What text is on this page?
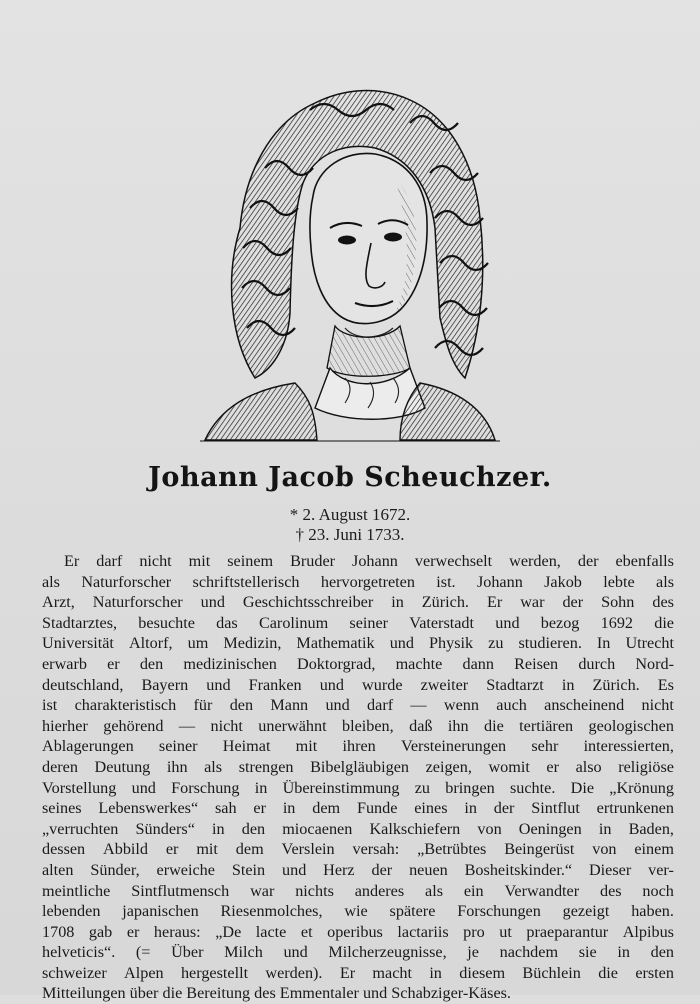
Johann Jacob Scheuchzer.
* 2. August 1672.
† 23. Juni 1733.
Er darf nicht mit seinem Bruder Johann verwechselt werden, der ebenfalls
als Naturforscher schriftstellerisch hervorgetreten ist. Johann Jakob lebte als
Arzt, Naturforscher und Geschichtsschreiber in Zürich. Er war der Sohn des
Stadtarztes, besuchte das Carolinum seiner Vaterstadt und bezog 1692 die
Universität Altorf, um Medizin, Mathematik und Physik zu studieren. In Utrecht
erwarb er den medizinischen Doktorgrad, machte dann Reisen durch Nord-
deutschland, Bayern und Franken und wurde zweiter Stadtarzt in Zürich. Es
ist charakteristisch für den Mann und darf — wenn auch anscheinend nicht
hierher gehörend — nicht unerwähnt bleiben, daß ihn die tertiären geologischen
Ablagerungen seiner Heimat mit ihren Versteinerungen sehr interessierten,
deren Deutung ihn als strengen Bibelgläubigen zeigen, womit er also religiöse
Vorstellung und Forschung in Übereinstimmung zu bringen suchte. Die „Krönung
seines Lebenswerkes“ sah er in dem Funde eines in der Sintflut ertrunkenen
„verruchten Sünders“ in den miocaenen Kalkschiefern von Oeningen in Baden,
dessen Abbild er mit dem Verslein versah: „Betrübtes Beingerüst von einem
alten Sünder, erweiche Stein und Herz der neuen Bosheitskinder.“ Dieser ver-
meintliche Sintflutmensch war nichts anderes als ein Verwandter des noch
lebenden japanischen Riesenmolches, wie spätere Forschungen gezeigt haben.
1708 gab er heraus: „De lacte et operibus lactariis pro ut praeparantur Alpibus
helveticis“. (= Über Milch und Milcherzeugnisse, je nachdem sie in den
schweizer Alpen hergestellt werden). Er macht in diesem Büchlein die ersten
Mitteilungen über die Bereitung des Emmentaler und Schabziger-Käses.
